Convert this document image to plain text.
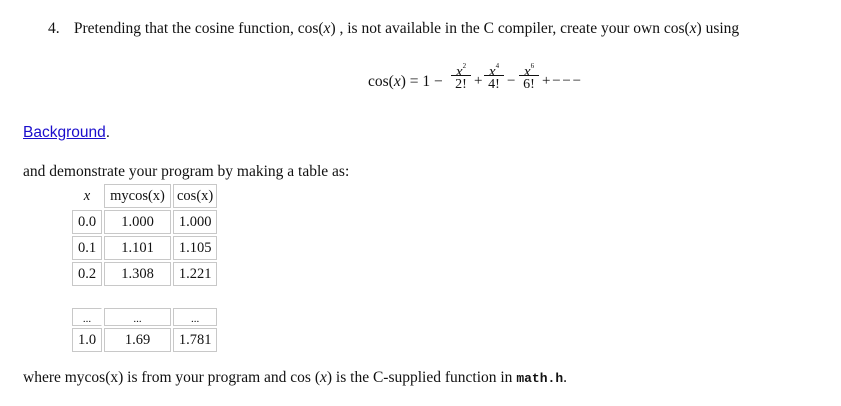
4. Pretending that the cosine function, cos(x) , is not available in the C compiler, create your own cos(x) using
cos(x) = 1 −
$x^2$
2! +
$x^4$
4! −
$x^6$
6! + − − −
Background.
and demonstrate your program by making a table as:
x	mycos(x)	cos(x)
0.0	1.000	1.000
0.1	1.101	1.105
0.2	1.308	1.221

...	...	...
1.0	1.69	1.781
where mycos(x) is from your program and cos (x) is the C-supplied function in math.h.
